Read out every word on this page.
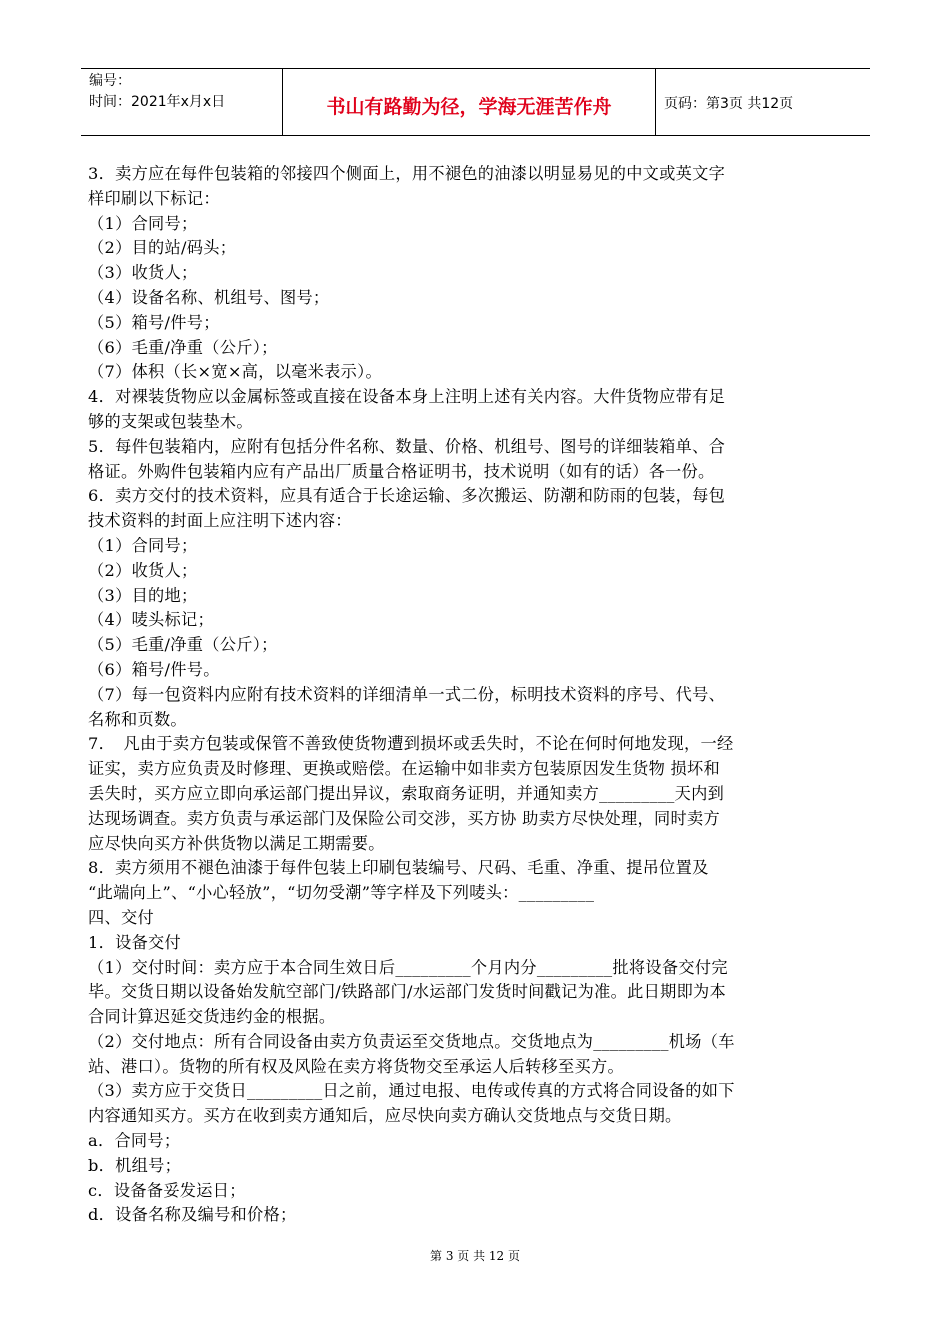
编号：
时间：2021年x月x日	书山有路勤为径，学海无涯苦作舟	页码：第3页 共12页
3．卖方应在每件包装箱的邻接四个侧面上，用不褪色的油漆以明显易见的中文或英文字
样印刷以下标记：
（1）合同号；
（2）目的站/码头；
（3）收货人；
（4）设备名称、机组号、图号；
（5）箱号/件号；
（6）毛重/净重（公斤）；
（7）体积（长×宽×高，以毫米表示）。
4．对裸装货物应以金属标签或直接在设备本身上注明上述有关内容。大件货物应带有足
够的支架或包装垫木。
5．每件包装箱内，应附有包括分件名称、数量、价格、机组号、图号的详细装箱单、合
格证。外购件包装箱内应有产品出厂质量合格证明书，技术说明（如有的话）各一份。
6．卖方交付的技术资料，应具有适合于长途运输、多次搬运、防潮和防雨的包装，每包
技术资料的封面上应注明下述内容：
（1）合同号；
（2）收货人；
（3）目的地；
（4）唛头标记；
（5）毛重/净重（公斤）；
（6）箱号/件号。
（7）每一包资料内应附有技术资料的详细清单一式二份，标明技术资料的序号、代号、
名称和页数。
7．　凡由于卖方包装或保管不善致使货物遭到损坏或丢失时，不论在何时何地发现，一经
证实，卖方应负责及时修理、更换或赔偿。在运输中如非卖方包装原因发生货物 损坏和
丢失时，买方应立即向承运部门提出异议，索取商务证明，并通知卖方_________天内到
达现场调查。卖方负责与承运部门及保险公司交涉，买方协 助卖方尽快处理，同时卖方
应尽快向买方补供货物以满足工期需要。
8．卖方须用不褪色油漆于每件包装上印刷包装编号、尺码、毛重、净重、提吊位置及
“此端向上”、“小心轻放”，“切勿受潮”等字样及下列唛头：_________
四、交付
1．设备交付
（1）交付时间：卖方应于本合同生效日后_________个月内分_________批将设备交付完
毕。交货日期以设备始发航空部门/铁路部门/水运部门发货时间戳记为准。此日期即为本
合同计算迟延交货违约金的根据。
（2）交付地点：所有合同设备由卖方负责运至交货地点。交货地点为_________机场（车
站、港口）。货物的所有权及风险在卖方将货物交至承运人后转移至买方。
（3）卖方应于交货日_________日之前，通过电报、电传或传真的方式将合同设备的如下
内容通知买方。买方在收到卖方通知后，应尽快向卖方确认交货地点与交货日期。
a．合同号；
b．机组号；
c．设备备妥发运日；
d．设备名称及编号和价格；
第 3 页 共 12 页
